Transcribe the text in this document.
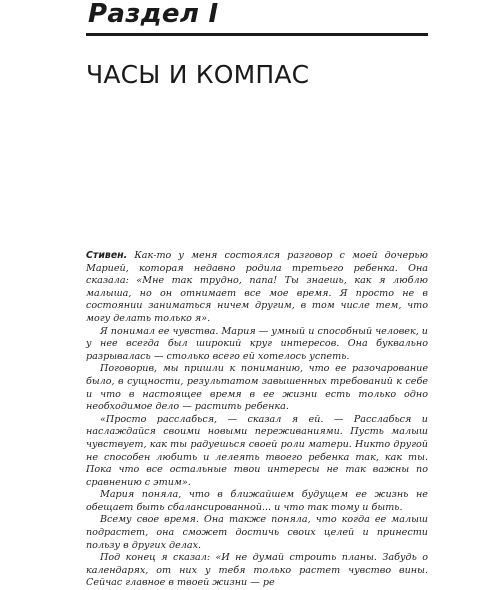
Раздел I
ЧАСЫ И КОМПАС

Стивен. Как-то у меня состоялся разговор с моей дочерью Марией, которая недавно родила третьего ребенка. Она сказала: «Мне так трудно, папа! Ты знаешь, как я люблю малыша, но он отнимает все мое время. Я просто не в состоянии заниматься ничем другим, в том числе тем, что могу делать только я».

Я понимал ее чувства. Мария — умный и способный человек, и у нее всегда был широкий круг интересов. Она буквально разрывалась — столько всего ей хотелось успеть.

Поговорив, мы пришли к пониманию, что ее разочарование было, в сущности, результатом завышенных требований к себе и что в настоящее время в ее жизни есть только одно необходимое дело — растить ребенка.

«Просто расслабься, — сказал я ей. — Расслабься и наслаждайся своими новыми переживаниями. Пусть малыш чувствует, как ты радуешься своей роли матери. Никто другой не способен любить и лелеять твоего ребенка так, как ты. Пока что все остальные твои интересы не так важны по сравнению с этим».

Мария поняла, что в ближайшем будущем ее жизнь не обещает быть сбалансированной... и что так тому и быть.

Всему свое время. Она также поняла, что когда ее малыш подрастет, она сможет достичь своих целей и принести пользу в других делах.

Под конец я сказал: «И не думай строить планы. Забудь о календарях, от них у тебя только растет чувство вины. Сейчас главное в твоей жизни — ре
